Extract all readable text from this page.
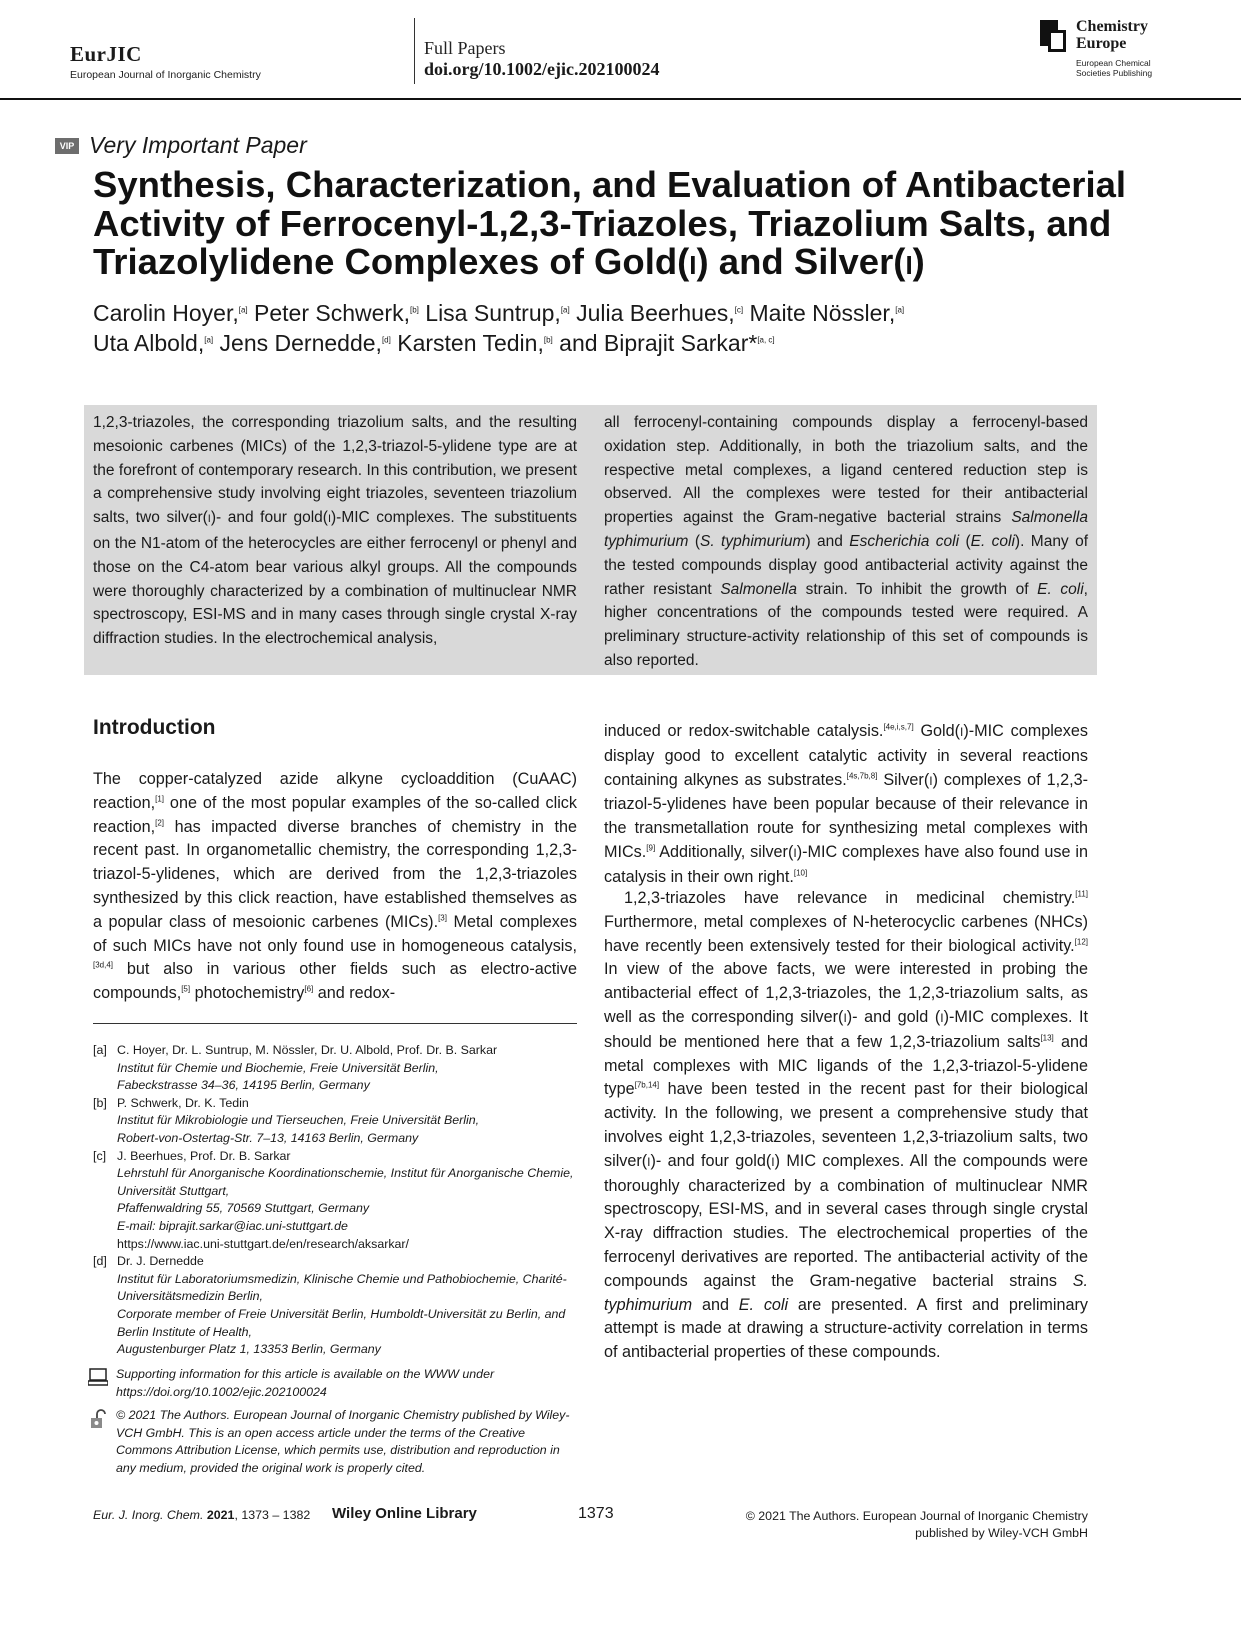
EurJIC
European Journal of Inorganic Chemistry
Full Papers
doi.org/10.1002/ejic.202100024
Chemistry
Europe
European Chemical
Societies Publishing
VIP Very Important Paper
Synthesis, Characterization, and Evaluation of Antibacterial
Activity of Ferrocenyl-1,2,3-Triazoles, Triazolium Salts, and
Triazolylidene Complexes of Gold(I) and Silver(I)
Carolin Hoyer,[a] Peter Schwerk,[b] Lisa Suntrup,[a] Julia Beerhues,[c] Maite Nössler,[a]
Uta Albold,[a] Jens Dernedde,[d] Karsten Tedin,[b] and Biprajit Sarkar*[a, c]
1,2,3-triazoles, the corresponding triazolium salts, and the resulting mesoionic carbenes (MICs) of the 1,2,3-triazol-5-ylidene type are at the forefront of contemporary research. In this contribution, we present a comprehensive study involving eight triazoles, seventeen triazolium salts, two silver(I)- and four gold(I)-MIC complexes. The substituents on the N1-atom of the heterocycles are either ferrocenyl or phenyl and those on the C4-atom bear various alkyl groups. All the compounds were thoroughly characterized by a combination of multinuclear NMR spectroscopy, ESI-MS and in many cases through single crystal X-ray diffraction studies. In the electrochemical analysis,
all ferrocenyl-containing compounds display a ferrocenyl-based oxidation step. Additionally, in both the triazolium salts, and the respective metal complexes, a ligand centered reduction step is observed. All the complexes were tested for their antibacterial properties against the Gram-negative bacterial strains Salmonella typhimurium (S. typhimurium) and Escherichia coli (E. coli). Many of the tested compounds display good antibacterial activity against the rather resistant Salmonella strain. To inhibit the growth of E. coli, higher concentrations of the compounds tested were required. A preliminary structure-activity relationship of this set of compounds is also reported.
Introduction
The copper-catalyzed azide alkyne cycloaddition (CuAAC) reaction,[1] one of the most popular examples of the so-called click reaction,[2] has impacted diverse branches of chemistry in the recent past. In organometallic chemistry, the corresponding 1,2,3-triazol-5-ylidenes, which are derived from the 1,2,3-triazoles synthesized by this click reaction, have established themselves as a popular class of mesoionic carbenes (MICs).[3] Metal complexes of such MICs have not only found use in homogeneous catalysis,[3d,4] but also in various other fields such as electro-active compounds,[5] photochemistry[6] and redox-
[a] C. Hoyer, Dr. L. Suntrup, M. Nössler, Dr. U. Albold, Prof. Dr. B. Sarkar
Institut für Chemie und Biochemie, Freie Universität Berlin,
Fabeckstrasse 34–36, 14195 Berlin, Germany
[b] P. Schwerk, Dr. K. Tedin
Institut für Mikrobiologie und Tierseuchen, Freie Universität Berlin,
Robert-von-Ostertag-Str. 7–13, 14163 Berlin, Germany
[c] J. Beerhues, Prof. Dr. B. Sarkar
Lehrstuhl für Anorganische Koordinationschemie, Institut für Anorganische Chemie, Universität Stuttgart,
Pfaffenwaldring 55, 70569 Stuttgart, Germany
E-mail: biprajit.sarkar@iac.uni-stuttgart.de
https://www.iac.uni-stuttgart.de/en/research/aksarkar/
[d] Dr. J. Dernedde
Institut für Laboratoriumsmedizin, Klinische Chemie und Pathobiochemie, Charité-Universitätsmedizin Berlin,
Corporate member of Freie Universität Berlin, Humboldt-Universität zu Berlin, and Berlin Institute of Health,
Augustenburger Platz 1, 13353 Berlin, Germany
Supporting information for this article is available on the WWW under https://doi.org/10.1002/ejic.202100024
© 2021 The Authors. European Journal of Inorganic Chemistry published by Wiley-VCH GmbH. This is an open access article under the terms of the Creative Commons Attribution License, which permits use, distribution and reproduction in any medium, provided the original work is properly cited.
induced or redox-switchable catalysis.[4e,i,s,7] Gold(I)-MIC complexes display good to excellent catalytic activity in several reactions containing alkynes as substrates.[4s,7b,8] Silver(I) complexes of 1,2,3-triazol-5-ylidenes have been popular because of their relevance in the transmetallation route for synthesizing metal complexes with MICs.[9] Additionally, silver(I)-MIC complexes have also found use in catalysis in their own right.[10]
1,2,3-triazoles have relevance in medicinal chemistry.[11] Furthermore, metal complexes of N-heterocyclic carbenes (NHCs) have recently been extensively tested for their biological activity.[12] In view of the above facts, we were interested in probing the antibacterial effect of 1,2,3-triazoles, the 1,2,3-triazolium salts, as well as the corresponding silver(I)- and gold (I)-MIC complexes. It should be mentioned here that a few 1,2,3-triazolium salts[13] and metal complexes with MIC ligands of the 1,2,3-triazol-5-ylidene type[7b,14] have been tested in the recent past for their biological activity. In the following, we present a comprehensive study that involves eight 1,2,3-triazoles, seventeen 1,2,3-triazolium salts, two silver(I)- and four gold(I) MIC complexes. All the compounds were thoroughly characterized by a combination of multinuclear NMR spectroscopy, ESI-MS, and in several cases through single crystal X-ray diffraction studies. The electrochemical properties of the ferrocenyl derivatives are reported. The antibacterial activity of the compounds against the Gram-negative bacterial strains S. typhimurium and E. coli are presented. A first and preliminary attempt is made at drawing a structure-activity correlation in terms of antibacterial properties of these compounds.
Eur. J. Inorg. Chem. 2021, 1373 – 1382 Wiley Online Library	1373	© 2021 The Authors. European Journal of Inorganic Chemistry
published by Wiley-VCH GmbH
